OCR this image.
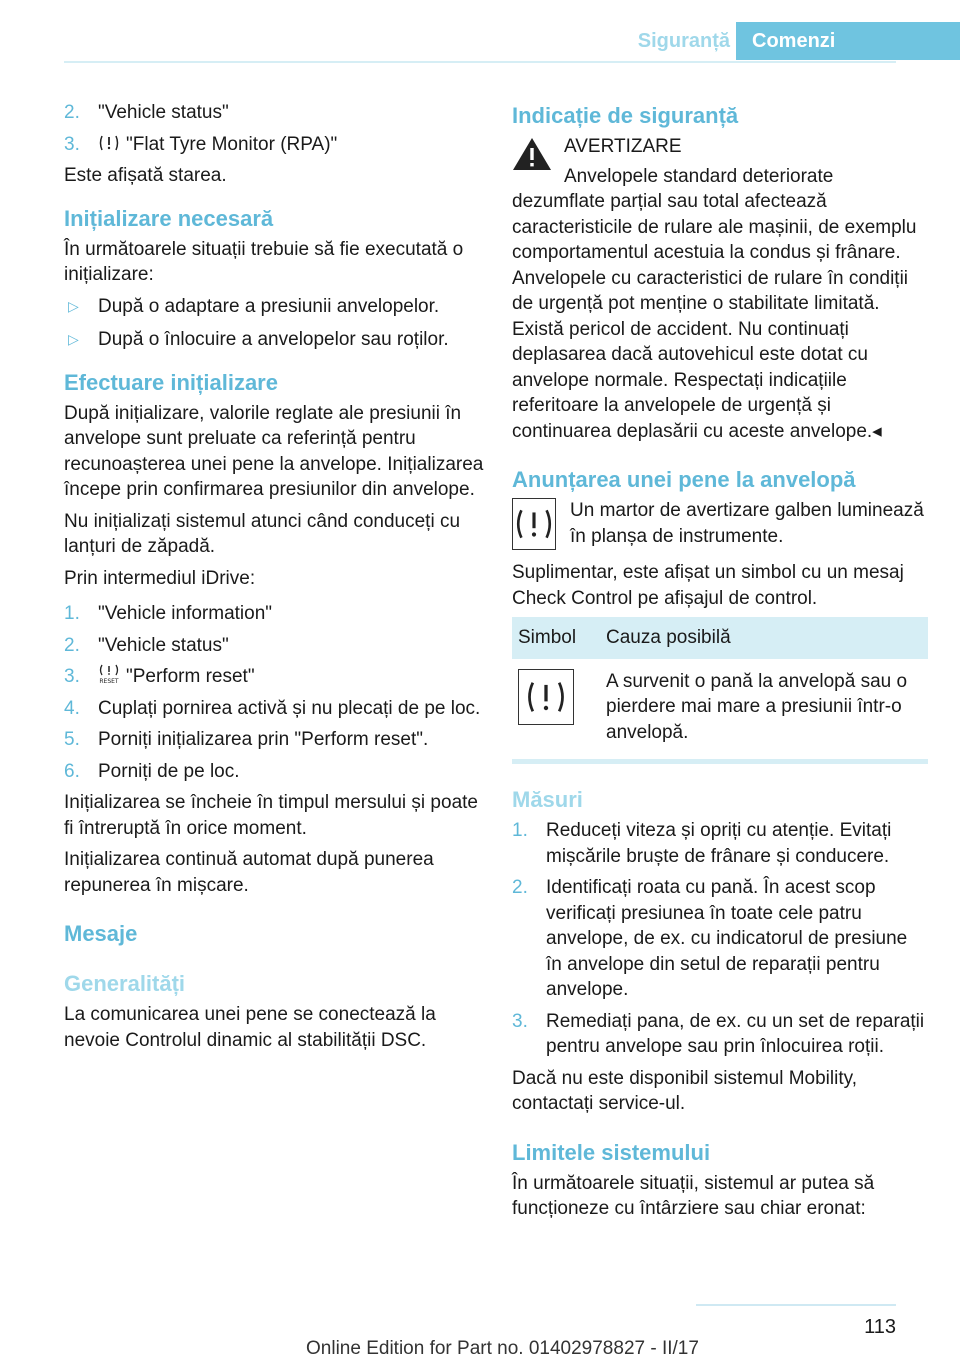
Siguranță	Comenzi
2. "Vehicle status"
3. "Flat Tyre Monitor (RPA)"

Este afișată starea.

Inițializare necesară

În următoarele situații trebuie să fie executată o inițializare:

▷ După o adaptare a presiunii anvelopelor.
▷ După o înlocuire a anvelopelor sau roților.
Efectuare inițializare

După inițializare, valorile reglate ale presiunii în anvelope sunt preluate ca referință pentru recunoașterea unei pene la anvelope. Inițializarea începe prin confirmarea presiunilor din anvelope.

Nu inițializați sistemul atunci când conduceți cu lanțuri de zăpadă.

Prin intermediul iDrive:

1. "Vehicle information"
2. "Vehicle status"
3.	RESET "Perform reset"
4. Cuplați pornirea activă și nu plecați de pe loc.
5. Porniți inițializarea prin "Perform reset".
6. Porniți de pe loc.

Inițializarea se încheie în timpul mersului și poate fi întreruptă în orice moment.

Inițializarea continuă automat după punerea repunerea în mișcare.

Mesaje
Generalități

La comunicarea unei pene se conectează la nevoie Controlul dinamic al stabilității DSC.

Indicație de siguranță

AVERTIZARE

Anvelopele standard deteriorate dezumflate parțial sau total afectează caracteristicile de rulare ale mașinii, de exemplu comportamentul acestuia la condus și frânare. Anvelopele cu caracteristici de rulare în condiții de urgență pot menține o stabilitate limitată. Există pericol de accident. Nu continuați deplasarea dacă autovehicul este dotat cu anvelope normale. Respectați indicațiile referitoare la anvelopele de urgență și continuarea deplasării cu aceste anvelope.◂

Anunțarea unei pene la anvelopă

Un martor de avertizare galben luminează în planșa de instrumente.

Suplimentar, este afișat un simbol cu un mesaj Check Control pe afișajul de control.

Simbol	Cauza posibilă

	A survenit o pană la anvelopă sau o pierdere mai mare a presiunii într-o anvelopă.
Măsuri
1. Reduceți viteza și opriți cu atenție. Evitați mișcările bruște de frânare și conducere.
2. Identificați roata cu pană. În acest scop verificați presiunea în toate cele patru anvelope, de ex. cu indicatorul de presiune în anvelope din setul de reparații pentru anvelope.
3. Remediați pana, de ex. cu un set de reparații pentru anvelope sau prin înlocuirea roții.

Dacă nu este disponibil sistemul Mobility, contactați service-ul.

Limitele sistemului

În următoarele situații, sistemul ar putea să funcționeze cu întârziere sau chiar eronat:

113
Online Edition for Part no. 01402978827 - II/17
